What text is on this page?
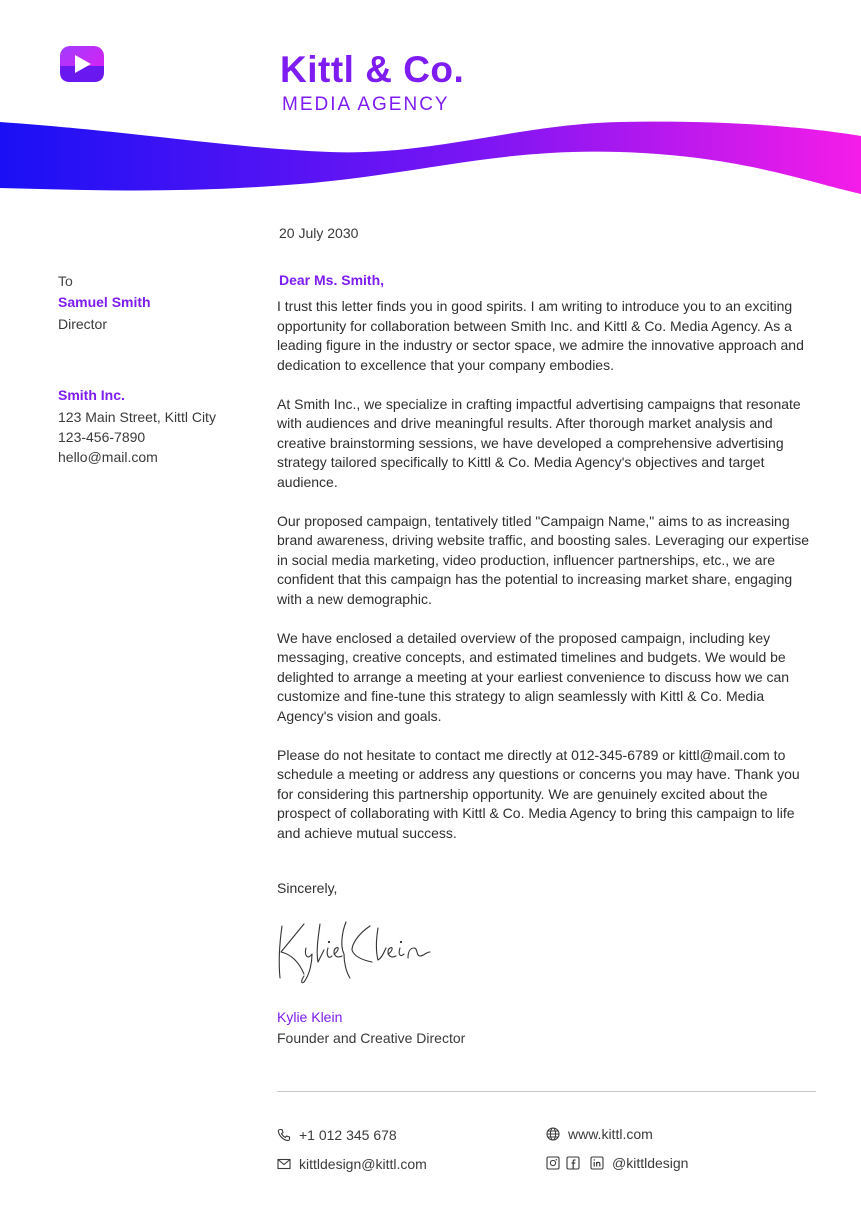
Kittl & Co.
MEDIA AGENCY
20 July 2030
To
Samuel Smith
Director
Smith Inc.
123 Main Street, Kittl City
123-456-7890
hello@mail.com
Dear Ms. Smith,

I trust this letter finds you in good spirits. I am writing to introduce you to an exciting opportunity for collaboration between Smith Inc. and Kittl & Co. Media Agency. As a leading figure in the industry or sector space, we admire the innovative approach and dedication to excellence that your company embodies.

At Smith Inc., we specialize in crafting impactful advertising campaigns that resonate with audiences and drive meaningful results. After thorough market analysis and creative brainstorming sessions, we have developed a comprehensive advertising strategy tailored specifically to Kittl & Co. Media Agency's objectives and target audience.

Our proposed campaign, tentatively titled "Campaign Name," aims to as increasing brand awareness, driving website traffic, and boosting sales. Leveraging our expertise in social media marketing, video production, influencer partnerships, etc., we are confident that this campaign has the potential to increasing market share, engaging with a new demographic.

We have enclosed a detailed overview of the proposed campaign, including key messaging, creative concepts, and estimated timelines and budgets. We would be delighted to arrange a meeting at your earliest convenience to discuss how we can customize and fine-tune this strategy to align seamlessly with Kittl & Co. Media Agency's vision and goals.

Please do not hesitate to contact me directly at 012-345-6789 or kittl@mail.com to schedule a meeting or address any questions or concerns you may have. Thank you for considering this partnership opportunity. We are genuinely excited about the prospect of collaborating with Kittl & Co. Media Agency to bring this campaign to life and achieve mutual success.

Sincerely,
Kylie Klein
Founder and Creative Director
+1 012 345 678
kittldesign@kittl.com
www.kittl.com
@kittldesign
